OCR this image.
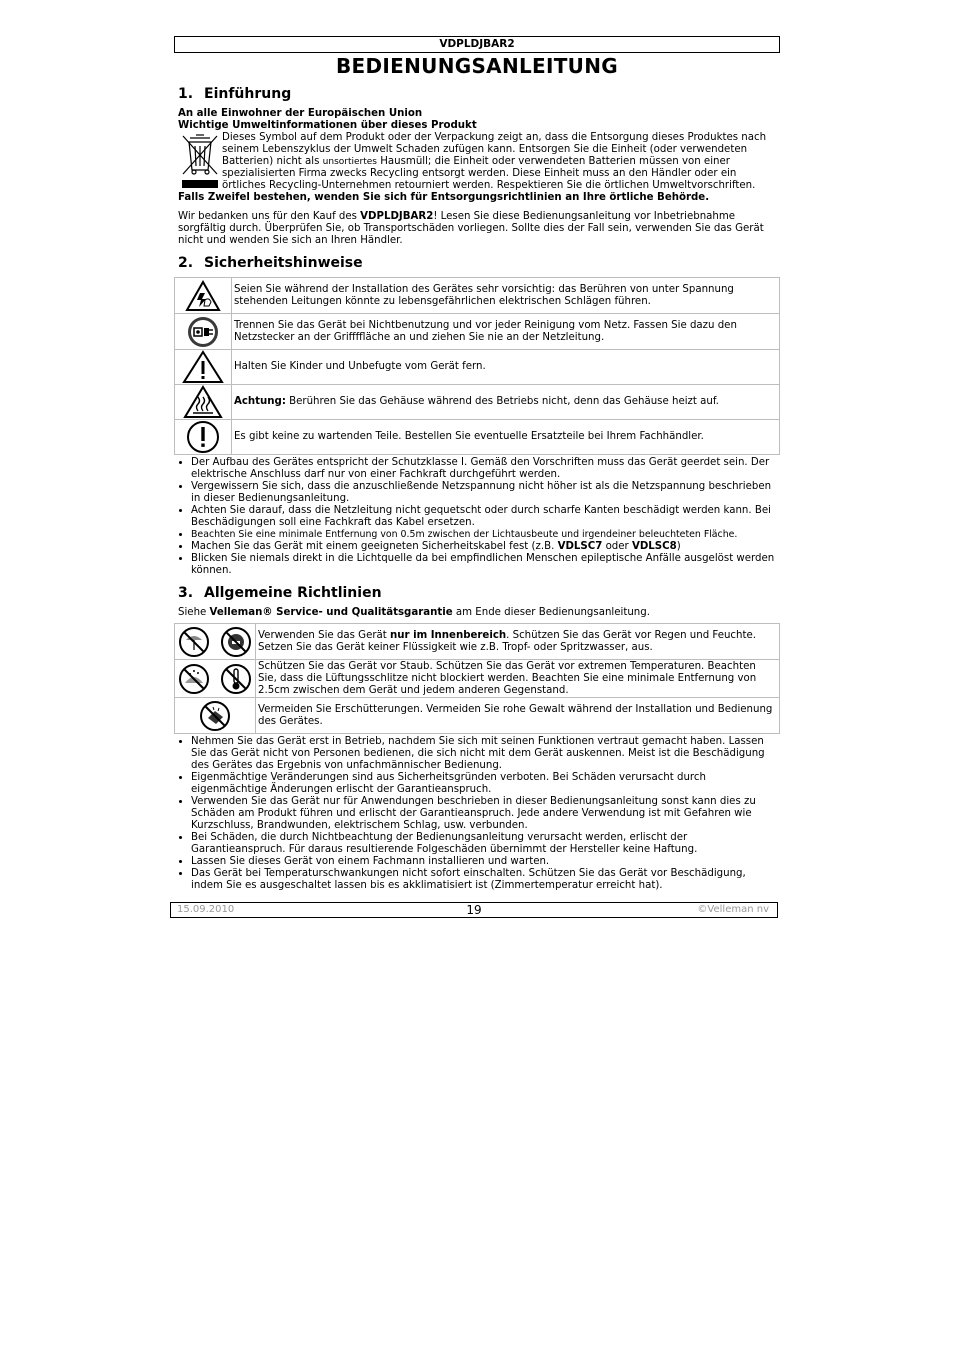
VDPLDJBAR2
BEDIENUNGSANLEITUNG
1. Einführung
An alle Einwohner der Europäischen Union
Wichtige Umweltinformationen über dieses Produkt
Dieses Symbol auf dem Produkt oder der Verpackung zeigt an, dass die Entsorgung dieses Produktes nach seinem Lebenszyklus der Umwelt Schaden zufügen kann. Entsorgen Sie die Einheit (oder verwendeten Batterien) nicht als unsortiertes Hausmüll; die Einheit oder verwendeten Batterien müssen von einer spezialisierten Firma zwecks Recycling entsorgt werden. Diese Einheit muss an den Händler oder ein örtliches Recycling-Unternehmen retourniert werden. Respektieren Sie die örtlichen Umweltvorschriften.
Falls Zweifel bestehen, wenden Sie sich für Entsorgungsrichtlinien an Ihre örtliche Behörde.
Wir bedanken uns für den Kauf des VDPLDJBAR2! Lesen Sie diese Bedienungsanleitung vor Inbetriebnahme sorgfältig durch. Überprüfen Sie, ob Transportschäden vorliegen. Sollte dies der Fall sein, verwenden Sie das Gerät nicht und wenden Sie sich an Ihren Händler.
2. Sicherheitshinweise
	Seien Sie während der Installation des Gerätes sehr vorsichtig: das Berühren von unter Spannung stehenden Leitungen könnte zu lebensgefährlichen elektrischen Schlägen führen.

	Trennen Sie das Gerät bei Nichtbenutzung und vor jeder Reinigung vom Netz. Fassen Sie dazu den Netzstecker an der Griffffläche an und ziehen Sie nie an der Netzleitung.

	Halten Sie Kinder und Unbefugte vom Gerät fern.

	Achtung: Berühren Sie das Gehäuse während des Betriebs nicht, denn das Gehäuse heizt auf.

	Es gibt keine zu wartenden Teile. Bestellen Sie eventuelle Ersatzteile bei Ihrem Fachhändler.
• Der Aufbau des Gerätes entspricht der Schutzklasse I. Gemäß den Vorschriften muss das Gerät geerdet sein. Der elektrische Anschluss darf nur von einer Fachkraft durchgeführt werden.
• Vergewissern Sie sich, dass die anzuschließende Netzspannung nicht höher ist als die Netzspannung beschrieben in dieser Bedienungsanleitung.
• Achten Sie darauf, dass die Netzleitung nicht gequetscht oder durch scharfe Kanten beschädigt werden kann. Bei Beschädigungen soll eine Fachkraft das Kabel ersetzen.
• Beachten Sie eine minimale Entfernung von 0.5m zwischen der Lichtausbeute und irgendeiner beleuchteten Fläche.
• Machen Sie das Gerät mit einem geeigneten Sicherheitskabel fest (z.B. VDLSC7 oder VDLSC8)
• Blicken Sie niemals direkt in die Lichtquelle da bei empfindlichen Menschen epileptische Anfälle ausgelöst werden können.
3. Allgemeine Richtlinien
Siehe Velleman® Service- und Qualitätsgarantie am Ende dieser Bedienungsanleitung.
	Verwenden Sie das Gerät nur im Innenbereich. Schützen Sie das Gerät vor Regen und Feuchte. Setzen Sie das Gerät keiner Flüssigkeit wie z.B. Tropf- oder Spritzwasser, aus.

	Schützen Sie das Gerät vor Staub. Schützen Sie das Gerät vor extremen Temperaturen. Beachten Sie, dass die Lüftungsschlitze nicht blockiert werden. Beachten Sie eine minimale Entfernung von 2.5cm zwischen dem Gerät und jedem anderen Gegenstand.

	Vermeiden Sie Erschütterungen. Vermeiden Sie rohe Gewalt während der Installation und Bedienung des Gerätes.
• Nehmen Sie das Gerät erst in Betrieb, nachdem Sie sich mit seinen Funktionen vertraut gemacht haben. Lassen Sie das Gerät nicht von Personen bedienen, die sich nicht mit dem Gerät auskennen. Meist ist die Beschädigung des Gerätes das Ergebnis von unfachmännischer Bedienung.
• Eigenmächtige Veränderungen sind aus Sicherheitsgründen verboten. Bei Schäden verursacht durch eigenmächtige Änderungen erlischt der Garantieanspruch.
• Verwenden Sie das Gerät nur für Anwendungen beschrieben in dieser Bedienungsanleitung sonst kann dies zu Schäden am Produkt führen und erlischt der Garantieanspruch. Jede andere Verwendung ist mit Gefahren wie Kurzschluss, Brandwunden, elektrischem Schlag, usw. verbunden.
• Bei Schäden, die durch Nichtbeachtung der Bedienungsanleitung verursacht werden, erlischt der Garantieanspruch. Für daraus resultierende Folgeschäden übernimmt der Hersteller keine Haftung.
• Lassen Sie dieses Gerät von einem Fachmann installieren und warten.
• Das Gerät bei Temperaturschwankungen nicht sofort einschalten. Schützen Sie das Gerät vor Beschädigung, indem Sie es ausgeschaltet lassen bis es akklimatisiert ist (Zimmertemperatur erreicht hat).
19
15.09.2010	©Velleman nv
